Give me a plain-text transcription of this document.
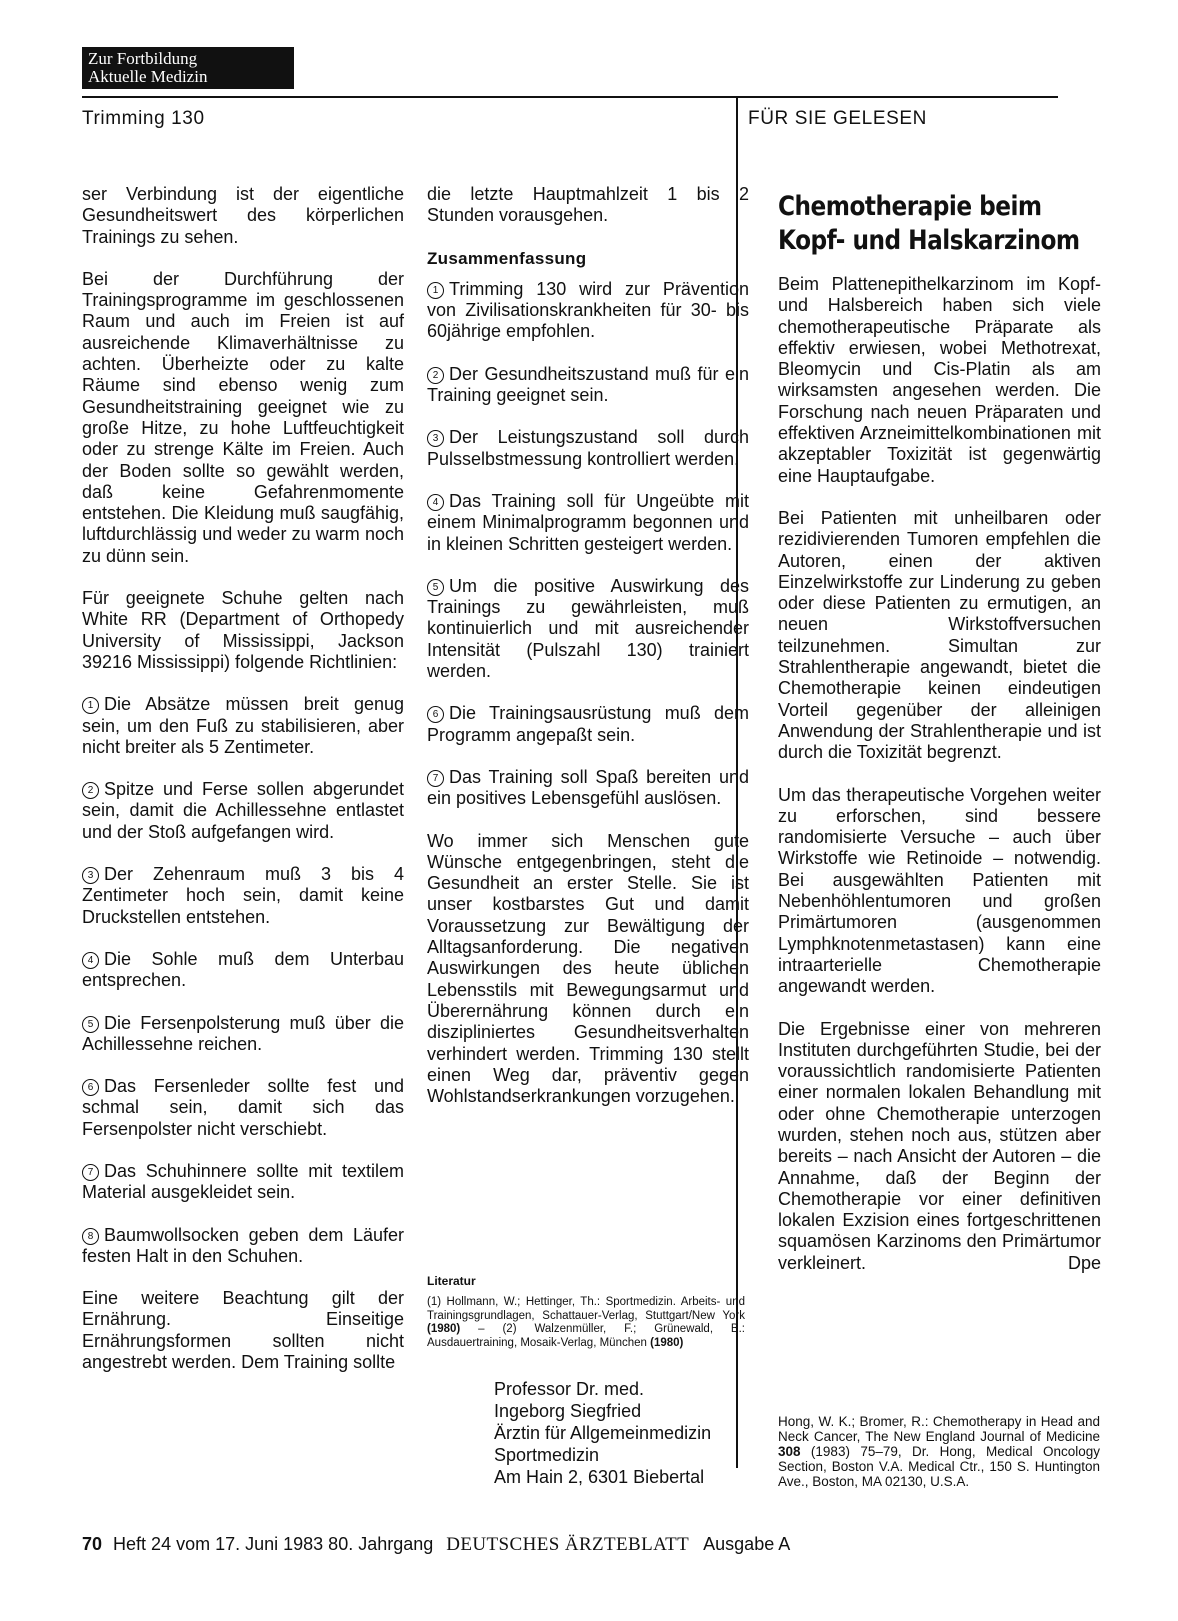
Zur Fortbildung
Aktuelle Medizin
Trimming 130	FÜR SIE GELESEN

ser Verbindung ist der eigentliche Gesundheitswert des körperlichen Trainings zu sehen.

Bei der Durchführung der Trainingsprogramme im geschlossenen Raum und auch im Freien ist auf ausreichende Klimaverhältnisse zu achten. Überheizte oder zu kalte Räume sind ebenso wenig zum Gesundheitstraining geeignet wie zu große Hitze, zu hohe Luftfeuchtigkeit oder zu strenge Kälte im Freien. Auch der Boden sollte so gewählt werden, daß keine Gefahrenmomente entstehen. Die Kleidung muß saugfähig, luftdurchlässig und weder zu warm noch zu dünn sein.

Für geeignete Schuhe gelten nach White RR (Department of Orthopedy University of Mississippi, Jackson 39216 Mississippi) folgende Richtlinien:

1 Die Absätze müssen breit genug sein, um den Fuß zu stabilisieren, aber nicht breiter als 5 Zentimeter.

2 Spitze und Ferse sollen abgerundet sein, damit die Achillessehne entlastet und der Stoß aufgefangen wird.

3 Der Zehenraum muß 3 bis 4 Zentimeter hoch sein, damit keine Druckstellen entstehen.

4 Die Sohle muß dem Unterbau entsprechen.

5 Die Fersenpolsterung muß über die Achillessehne reichen.

6 Das Fersenleder sollte fest und schmal sein, damit sich das Fersenpolster nicht verschiebt.

7 Das Schuhinnere sollte mit textilem Material ausgekleidet sein.

8 Baumwollsocken geben dem Läufer festen Halt in den Schuhen.

Eine weitere Beachtung gilt der Ernährung. Einseitige Ernährungsformen sollten nicht angestrebt werden. Dem Training sollte

die letzte Hauptmahlzeit 1 bis 2 Stunden vorausgehen.

Zusammenfassung

1 Trimming 130 wird zur Prävention von Zivilisationskrankheiten für 30- bis 60jährige empfohlen.

2 Der Gesundheitszustand muß für ein Training geeignet sein.

3 Der Leistungszustand soll durch Pulsselbstmessung kontrolliert werden.

4 Das Training soll für Ungeübte mit einem Minimalprogramm begonnen und in kleinen Schritten gesteigert werden.

5 Um die positive Auswirkung des Trainings zu gewährleisten, muß kontinuierlich und mit ausreichender Intensität (Pulszahl 130) trainiert werden.

6 Die Trainingsausrüstung muß dem Programm angepaßt sein.

7 Das Training soll Spaß bereiten und ein positives Lebensgefühl auslösen.

Wo immer sich Menschen gute Wünsche entgegenbringen, steht die Gesundheit an erster Stelle. Sie ist unser kostbarstes Gut und damit Voraussetzung zur Bewältigung der Alltagsanforderung. Die negativen Auswirkungen des heute üblichen Lebensstils mit Bewegungsarmut und Überernährung können durch ein diszipliniertes Gesundheitsverhalten verhindert werden. Trimming 130 stellt einen Weg dar, präventiv gegen Wohlstandserkrankungen vorzugehen.

Literatur
(1) Hollmann, W.; Hettinger, Th.: Sportmedizin. Arbeits- und Trainingsgrundlagen, Schattauer-Verlag, Stuttgart/New York (1980) – (2) Walzenmüller, F.; Grünewald, B.: Ausdauertraining, Mosaik-Verlag, München (1980)
Professor Dr. med.
Ingeborg Siegfried
Ärztin für Allgemeinmedizin
Sportmedizin
Am Hain 2, 6301 Biebertal
Chemotherapie beim
Kopf- und Halskarzinom

Beim Plattenepithelkarzinom im Kopf- und Halsbereich haben sich viele chemotherapeutische Präparate als effektiv erwiesen, wobei Methotrexat, Bleomycin und Cis-Platin als am wirksamsten angesehen werden. Die Forschung nach neuen Präparaten und effektiven Arzneimittelkombinationen mit akzeptabler Toxizität ist gegenwärtig eine Hauptaufgabe.

Bei Patienten mit unheilbaren oder rezidivierenden Tumoren empfehlen die Autoren, einen der aktiven Einzelwirkstoffe zur Linderung zu geben oder diese Patienten zu ermutigen, an neuen Wirkstoffversuchen teilzunehmen. Simultan zur Strahlentherapie angewandt, bietet die Chemotherapie keinen eindeutigen Vorteil gegenüber der alleinigen Anwendung der Strahlentherapie und ist durch die Toxizität begrenzt.

Um das therapeutische Vorgehen weiter zu erforschen, sind bessere randomisierte Versuche – auch über Wirkstoffe wie Retinoide – notwendig. Bei ausgewählten Patienten mit Nebenhöhlentumoren und großen Primärtumoren (ausgenommen Lymphknotenmetastasen) kann eine intraarterielle Chemotherapie angewandt werden.

Die Ergebnisse einer von mehreren Instituten durchgeführten Studie, bei der voraussichtlich randomisierte Patienten einer normalen lokalen Behandlung mit oder ohne Chemotherapie unterzogen wurden, stehen noch aus, stützen aber bereits – nach Ansicht der Autoren – die Annahme, daß der Beginn der Chemotherapie vor einer definitiven lokalen Exzision eines fortgeschrittenen squamösen Karzinoms den Primärtumor verkleinert.	Dpe

Hong, W. K.; Bromer, R.: Chemotherapy in Head and Neck Cancer, The New England Journal of Medicine 308 (1983) 75–79, Dr. Hong, Medical Oncology Section, Boston V.A. Medical Ctr., 150 S. Huntington Ave., Boston, MA 02130, U.S.A.
70 Heft 24 vom 17. Juni 1983 80. Jahrgang DEUTSCHES ÄRZTEBLATT Ausgabe A
